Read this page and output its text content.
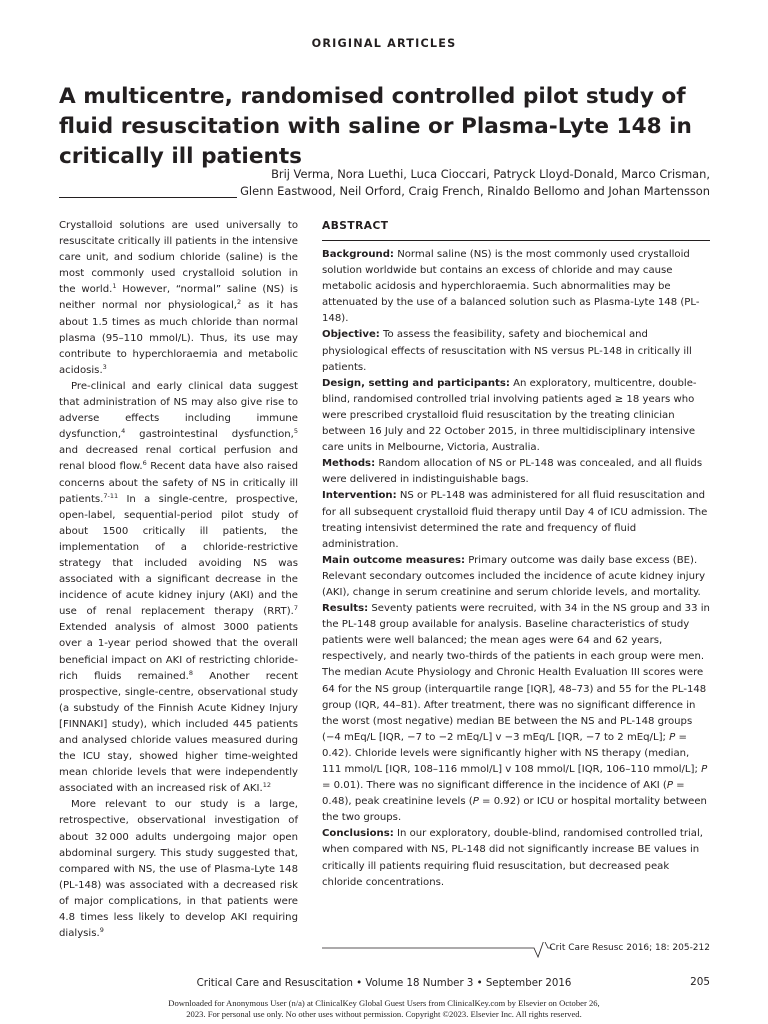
ORIGINAL ARTICLES
A multicentre, randomised controlled pilot study of fluid resuscitation with saline or Plasma-Lyte 148 in critically ill patients
Brij Verma, Nora Luethi, Luca Cioccari, Patryck Lloyd-Donald, Marco Crisman,
Glenn Eastwood, Neil Orford, Craig French, Rinaldo Bellomo and Johan Martensson

Crystalloid solutions are used universally to resuscitate critically ill patients in the intensive care unit, and sodium chloride (saline) is the most commonly used crystalloid solution in the world.$^1$ However, “normal” saline (NS) is neither normal nor physiological,$^2$ as it has about 1.5 times as much chloride than normal plasma (95–110 mmol/L). Thus, its use may contribute to hyperchloraemia and metabolic acidosis.$^3$

Pre-clinical and early clinical data suggest that administration of NS may also give rise to adverse effects including immune dysfunction,$^4$ gastrointestinal dysfunction,$^5$ and decreased renal cortical perfusion and renal blood flow.$^6$ Recent data have also raised concerns about the safety of NS in critically ill patients.$^{7-11}$ In a single-centre, prospective, open-label, sequential-period pilot study of about 1500 critically ill patients, the implementation of a chloride-restrictive strategy that included avoiding NS was associated with a significant decrease in the incidence of acute kidney injury (AKI) and the use of renal replacement therapy (RRT).$^7$ Extended analysis of almost 3000 patients over a 1-year period showed that the overall beneficial impact on AKI of restricting chloride-rich fluids remained.$^8$ Another recent prospective, single-centre, observational study (a substudy of the Finnish Acute Kidney Injury [FINNAKI] study), which included 445 patients and analysed chloride values measured during the ICU stay, showed higher time-weighted mean chloride levels that were independently associated with an increased risk of AKI.$^{12}$

More relevant to our study is a large, retrospective, observational investigation of about 32 000 adults undergoing major open abdominal surgery. This study suggested that, compared with NS, the use of Plasma-Lyte 148 (PL-148) was associated with a decreased risk of major complications, in that patients were 4.8 times less likely to develop AKI requiring dialysis.$^9$

ABSTRACT

Background: Normal saline (NS) is the most commonly used crystalloid solution worldwide but contains an excess of chloride and may cause metabolic acidosis and hyperchloraemia. Such abnormalities may be attenuated by the use of a balanced solution such as Plasma-Lyte 148 (PL-148).

Objective: To assess the feasibility, safety and biochemical and physiological effects of resuscitation with NS versus PL-148 in critically ill patients.

Design, setting and participants: An exploratory, multicentre, double-blind, randomised controlled trial involving patients aged ≥ 18 years who were prescribed crystalloid fluid resuscitation by the treating clinician between 16 July and 22 October 2015, in three multidisciplinary intensive care units in Melbourne, Victoria, Australia.

Methods: Random allocation of NS or PL-148 was concealed, and all fluids were delivered in indistinguishable bags.

Intervention: NS or PL-148 was administered for all fluid resuscitation and for all subsequent crystalloid fluid therapy until Day 4 of ICU admission. The treating intensivist determined the rate and frequency of fluid administration.

Main outcome measures: Primary outcome was daily base excess (BE). Relevant secondary outcomes included the incidence of acute kidney injury (AKI), change in serum creatinine and serum chloride levels, and mortality.

Results: Seventy patients were recruited, with 34 in the NS group and 33 in the PL-148 group available for analysis. Baseline characteristics of study patients were well balanced; the mean ages were 64 and 62 years, respectively, and nearly two-thirds of the patients in each group were men. The median Acute Physiology and Chronic Health Evaluation III scores were 64 for the NS group (interquartile range [IQR], 48–73) and 55 for the PL-148 group (IQR, 44–81). After treatment, there was no significant difference in the worst (most negative) median BE between the NS and PL-148 groups (−4 mEq/L [IQR, −7 to −2 mEq/L] v −3 mEq/L [IQR, −7 to 2 mEq/L]; P = 0.42). Chloride levels were significantly higher with NS therapy (median, 111 mmol/L [IQR, 108–116 mmol/L] v 108 mmol/L [IQR, 106–110 mmol/L]; P = 0.01). There was no significant difference in the incidence of AKI (P = 0.48), peak creatinine levels (P = 0.92) or ICU or hospital mortality between the two groups.

Conclusions: In our exploratory, double-blind, randomised controlled trial, when compared with NS, PL-148 did not significantly increase BE values in critically ill patients requiring fluid resuscitation, but decreased peak chloride concentrations.

Crit Care Resusc 2016; 18: 205-212
Critical Care and Resuscitation • Volume 18 Number 3 • September 2016	205
Downloaded for Anonymous User (n/a) at ClinicalKey Global Guest Users from ClinicalKey.com by Elsevier on October 26,
2023. For personal use only. No other uses without permission. Copyright ©2023. Elsevier Inc. All rights reserved.
